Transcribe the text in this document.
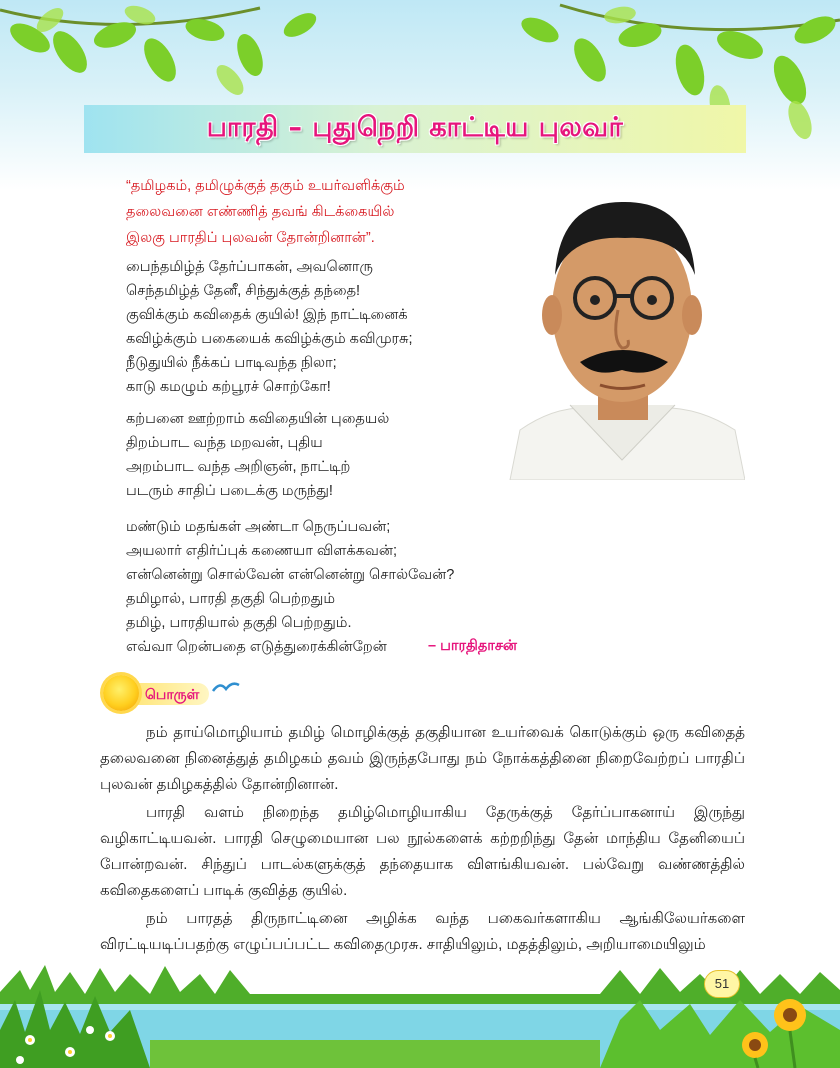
பாரதி – புதுநெறி காட்டிய புலவர்
“தமிழகம், தமிழுக்குத் தகும் உயர்வளிக்கும்
தலைவனை எண்ணித் தவங் கிடக்கையில்
இலகு பாரதிப் புலவன் தோன்றினான்”.
பைந்தமிழ்த் தேர்ப்பாகன், அவனொரு
செந்தமிழ்த் தேனீ, சிந்துக்குத் தந்தை!
குவிக்கும் கவிதைக் குயில்! இந் நாட்டினைக்
கவிழ்க்கும் பகையைக் கவிழ்க்கும் கவிமுரசு;
நீடுதுயில் நீக்கப் பாடிவந்த நிலா;
காடு கமழும் கற்பூரச் சொற்கோ!
கற்பனை ஊற்றாம் கவிதையின் புதையல்
திறம்பாட வந்த மறவன், புதிய
அறம்பாட வந்த அறிஞன், நாட்டிற்
படரும் சாதிப் படைக்கு மருந்து!
மண்டும் மதங்கள் அண்டா நெருப்பவன்;
அயலார் எதிர்ப்புக் கணையா விளக்கவன்;
என்னென்று சொல்வேன் என்னென்று சொல்வேன்?
தமிழால், பாரதி தகுதி பெற்றதும்
தமிழ், பாரதியால் தகுதி பெற்றதும்.
எவ்வா றென்பதை எடுத்துரைக்கின்றேன்	– பாரதிதாசன்
பொருள்
நம் தாய்மொழியாம் தமிழ் மொழிக்குத் தகுதியான உயர்வைக் கொடுக்கும் ஒரு கவிதைத் தலைவனை நினைத்துத் தமிழகம் தவம் இருந்தபோது நம் நோக்கத்தினை நிறைவேற்றப் பாரதிப் புலவன் தமிழகத்தில் தோன்றினான்.
பாரதி வளம் நிறைந்த தமிழ்மொழியாகிய தேருக்குத் தேர்ப்பாகனாய் இருந்து வழிகாட்டியவன். பாரதி செழுமையான பல நூல்களைக் கற்றறிந்து தேன் மாந்திய தேனியைப் போன்றவன். சிந்துப் பாடல்களுக்குத் தந்தையாக விளங்கியவன். பல்வேறு வண்ணத்தில் கவிதைகளைப் பாடிக் குவித்த குயில்.
நம் பாரதத் திருநாட்டினை அழிக்க வந்த பகைவர்களாகிய ஆங்கிலேயர்களை விரட்டியடிப்பதற்கு எழுப்பப்பட்ட கவிதைமுரசு. சாதியிலும், மதத்திலும், அறியாமையிலும்
51
